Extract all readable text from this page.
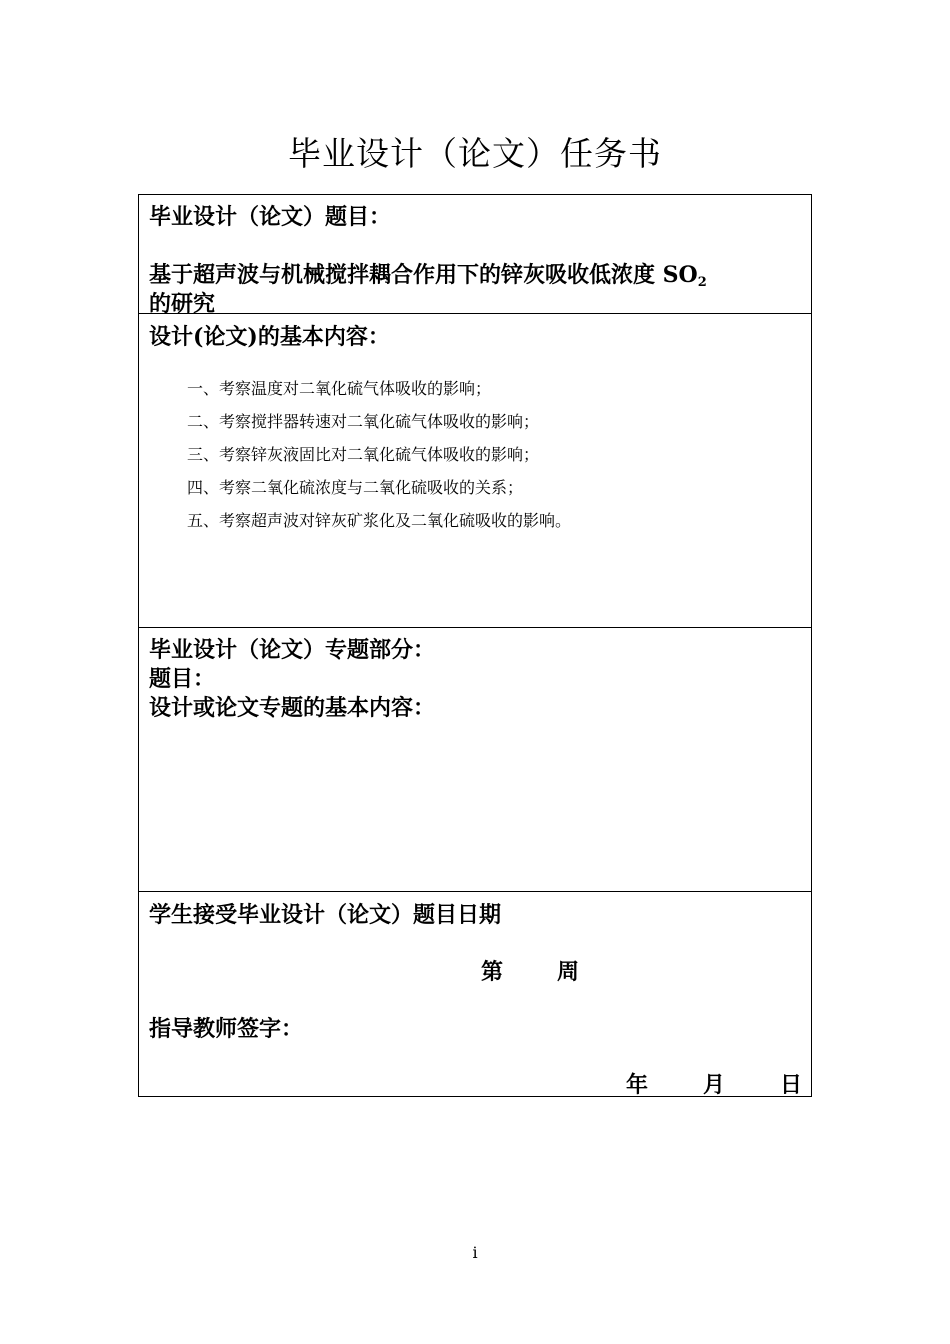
毕业设计（论文）任务书
毕业设计（论文）题目：
基于超声波与机械搅拌耦合作用下的锌灰吸收低浓度 $SO_2$
的研究
设计(论文)的基本内容：
一、考察温度对二氧化硫气体吸收的影响；
二、考察搅拌器转速对二氧化硫气体吸收的影响；
三、考察锌灰液固比对二氧化硫气体吸收的影响；
四、考察二氧化硫浓度与二氧化硫吸收的关系；
五、考察超声波对锌灰矿浆化及二氧化硫吸收的影响。
毕业设计（论文）专题部分：
题目：
设计或论文专题的基本内容：
学生接受毕业设计（论文）题目日期
第 周
指导教师签字：
年 月 日
i
